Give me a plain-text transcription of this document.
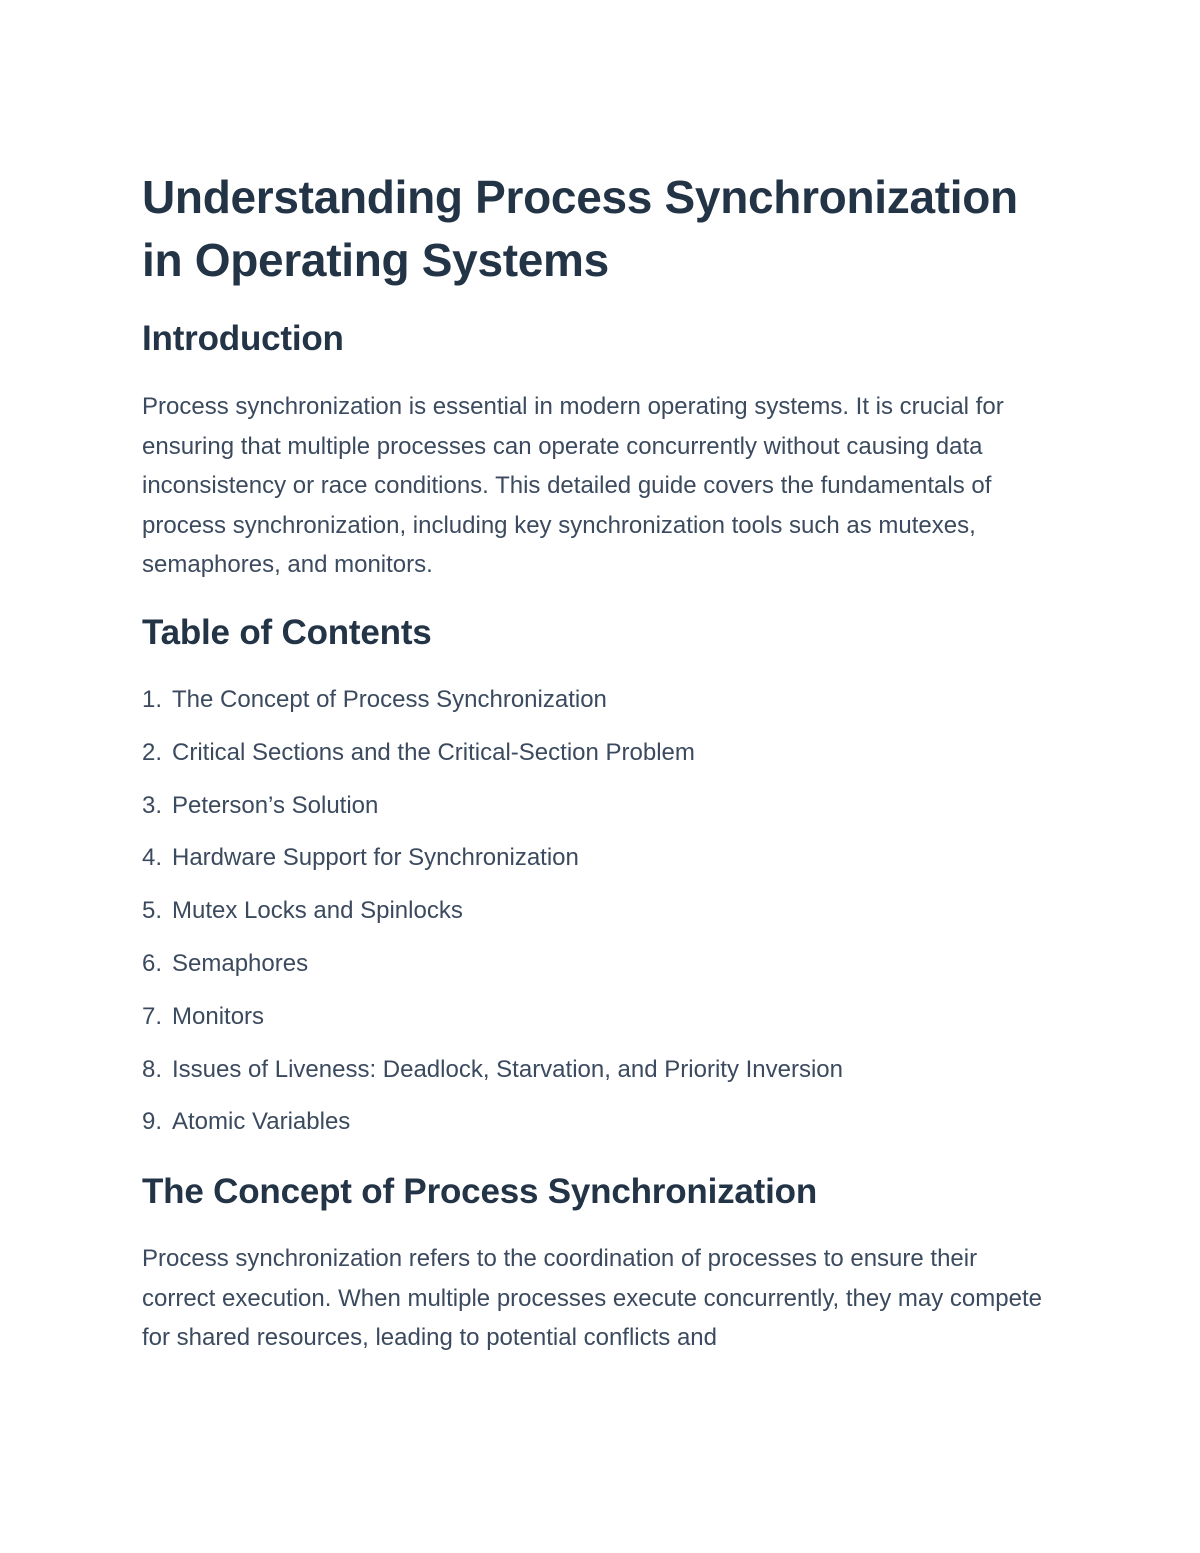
Understanding Process Synchronization in Operating Systems
Introduction

Process synchronization is essential in modern operating systems. It is crucial for ensuring that multiple processes can operate concurrently without causing data inconsistency or race conditions. This detailed guide covers the fundamentals of process synchronization, including key synchronization tools such as mutexes, semaphores, and monitors.

Table of Contents
1. The Concept of Process Synchronization
2. Critical Sections and the Critical-Section Problem
3. Peterson’s Solution
4. Hardware Support for Synchronization
5. Mutex Locks and Spinlocks
6. Semaphores
7. Monitors
8. Issues of Liveness: Deadlock, Starvation, and Priority Inversion
9. Atomic Variables
The Concept of Process Synchronization

Process synchronization refers to the coordination of processes to ensure their correct execution. When multiple processes execute concurrently, they may compete for shared resources, leading to potential conflicts and
